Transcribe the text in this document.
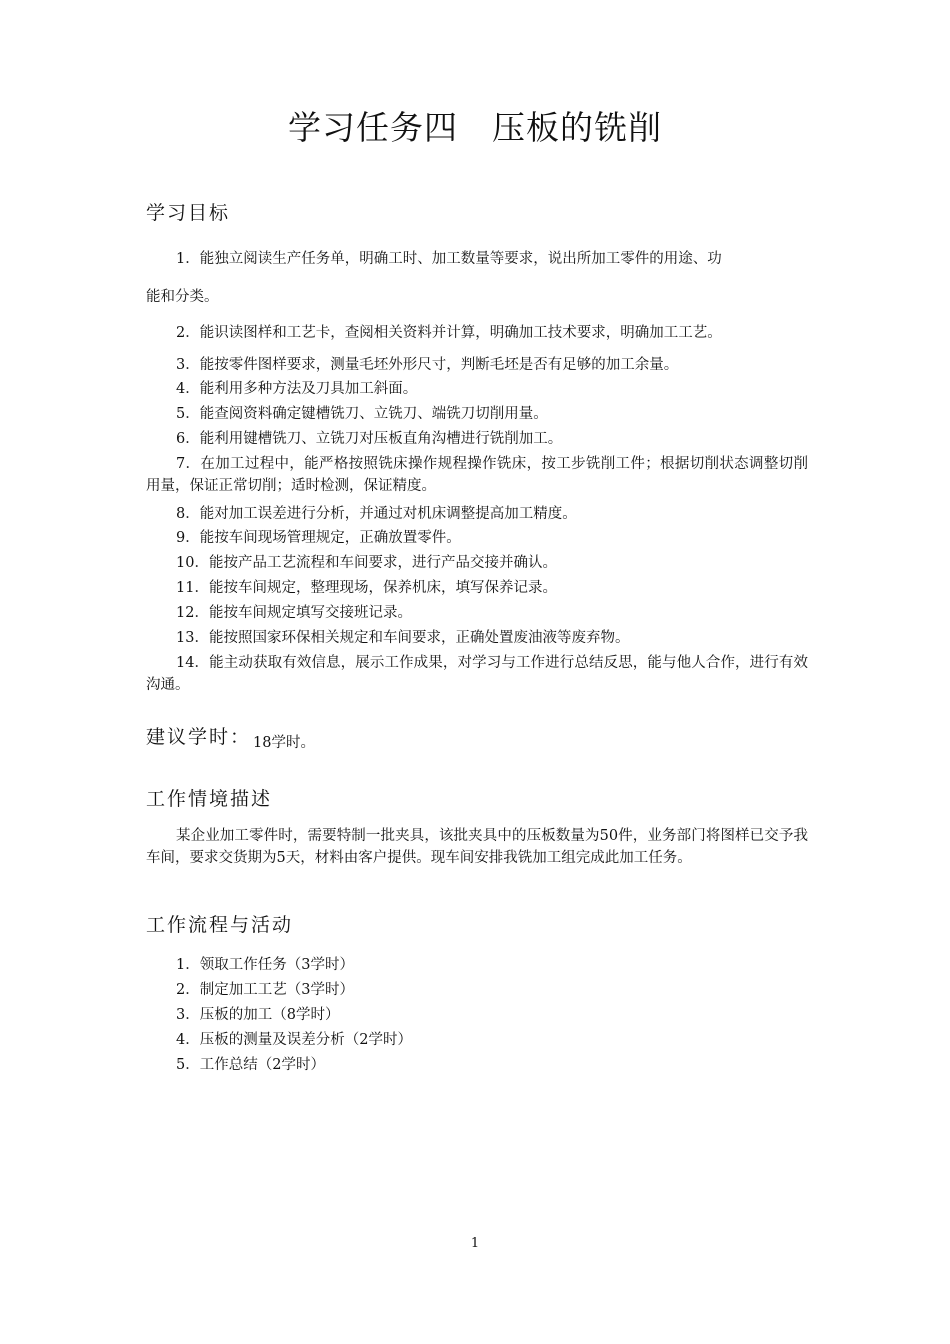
学习任务四　压板的铣削
学习目标
1．能独立阅读生产任务单，明确工时、加工数量等要求，说出所加工零件的用途、功
能和分类。
2．能识读图样和工艺卡，查阅相关资料并计算，明确加工技术要求，明确加工工艺。
3．能按零件图样要求，测量毛坯外形尺寸，判断毛坯是否有足够的加工余量。
4．能利用多种方法及刀具加工斜面。
5．能查阅资料确定键槽铣刀、立铣刀、端铣刀切削用量。
6．能利用键槽铣刀、立铣刀对压板直角沟槽进行铣削加工。
7．在加工过程中，能严格按照铣床操作规程操作铣床，按工步铣削工件；根据切削状态调整切削用量，保证正常切削；适时检测，保证精度。
8．能对加工误差进行分析，并通过对机床调整提高加工精度。
9．能按车间现场管理规定，正确放置零件。
10．能按产品工艺流程和车间要求，进行产品交接并确认。
11．能按车间规定，整理现场，保养机床，填写保养记录。
12．能按车间规定填写交接班记录。
13．能按照国家环保相关规定和车间要求，正确处置废油液等废弃物。
14．能主动获取有效信息，展示工作成果，对学习与工作进行总结反思，能与他人合作，进行有效沟通。
建议学时： 18学时。
工作情境描述
某企业加工零件时，需要特制一批夹具，该批夹具中的压板数量为50件，业务部门将图样已交予我车间，要求交货期为5天，材料由客户提供。现车间安排我铣加工组完成此加工任务。
工作流程与活动
1．领取工作任务（3学时）
2．制定加工工艺（3学时）
3．压板的加工（8学时）
4．压板的测量及误差分析（2学时）
5．工作总结（2学时）
1
